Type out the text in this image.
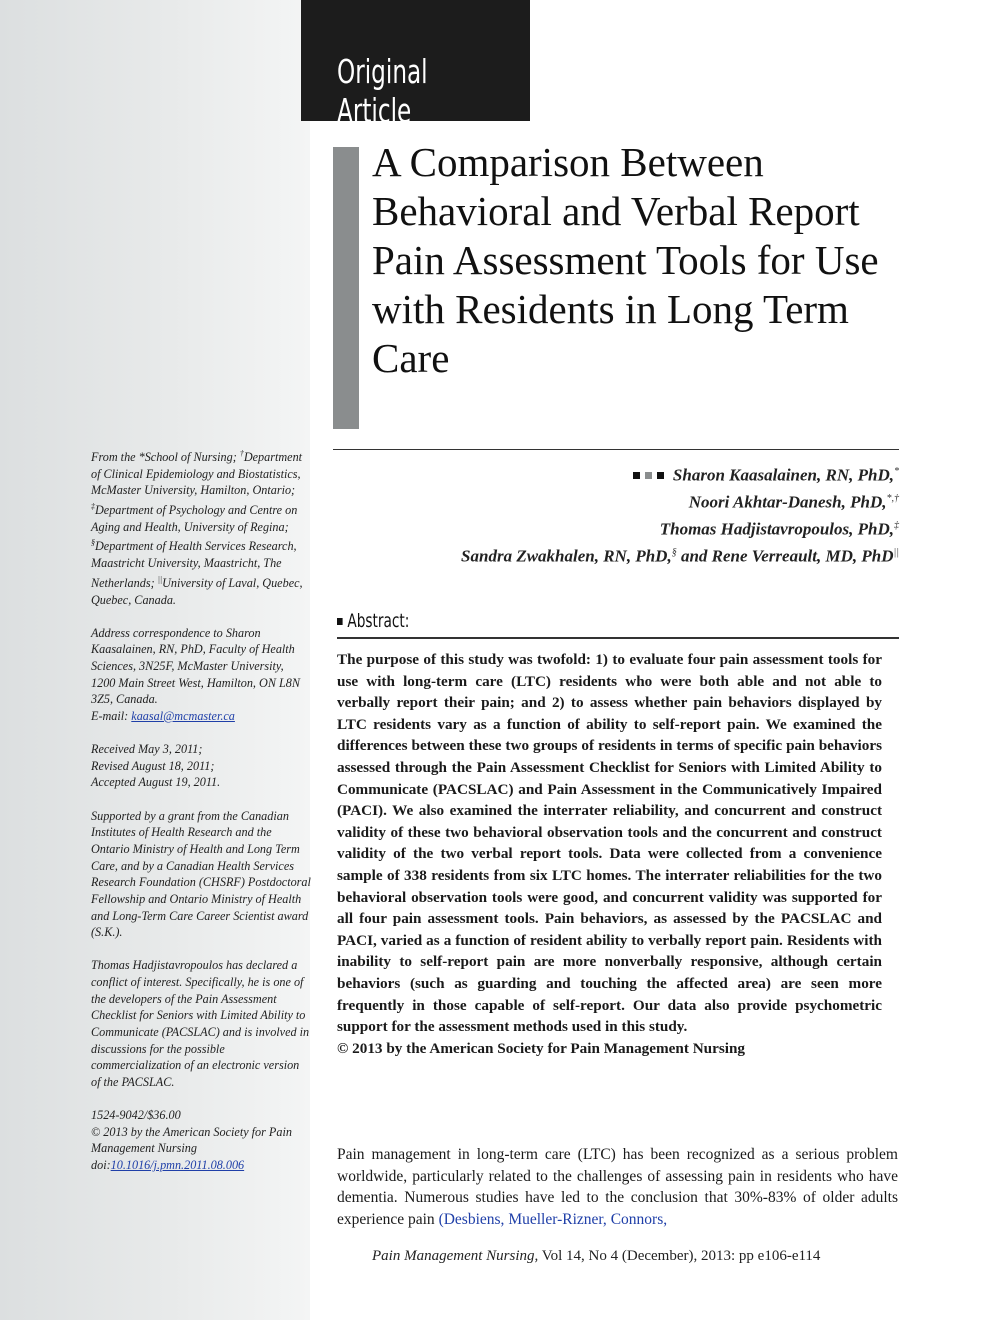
Original Article
A Comparison Between Behavioral and Verbal Report Pain Assessment Tools for Use with Residents in Long Term Care
Sharon Kaasalainen, RN, PhD,*
Noori Akhtar-Danesh, PhD,*,†
Thomas Hadjistavropoulos, PhD,‡
Sandra Zwakhalen, RN, PhD,§ and Rene Verreault, MD, PhD||
Abstract:
The purpose of this study was twofold: 1) to evaluate four pain assessment tools for use with long-term care (LTC) residents who were both able and not able to verbally report their pain; and 2) to assess whether pain behaviors displayed by LTC residents vary as a function of ability to self-report pain. We examined the differences between these two groups of residents in terms of specific pain behaviors assessed through the Pain Assessment Checklist for Seniors with Limited Ability to Communicate (PACSLAC) and Pain Assessment in the Communicatively Impaired (PACI). We also examined the interrater reliability, and concurrent and construct validity of these two behavioral observation tools and the concurrent and construct validity of the two verbal report tools. Data were collected from a convenience sample of 338 residents from six LTC homes. The interrater reliabilities for the two behavioral observation tools were good, and concurrent validity was supported for all four pain assessment tools. Pain behaviors, as assessed by the PACSLAC and PACI, varied as a function of resident ability to verbally report pain. Residents with inability to self-report pain are more nonverbally responsive, although certain behaviors (such as guarding and touching the affected area) are seen more frequently in those capable of self-report. Our data also provide psychometric support for the assessment methods used in this study.
© 2013 by the American Society for Pain Management Nursing
Pain management in long-term care (LTC) has been recognized as a serious problem worldwide, particularly related to the challenges of assessing pain in residents who have dementia. Numerous studies have led to the conclusion that 30%-83% of older adults experience pain (Desbiens, Mueller-Rizner, Connors,

From the *School of Nursing; †Department of Clinical Epidemiology and Biostatistics, McMaster University, Hamilton, Ontario; ‡Department of Psychology and Centre on Aging and Health, University of Regina; §Department of Health Services Research, Maastricht University, Maastricht, The Netherlands; ||University of Laval, Quebec, Quebec, Canada.

Address correspondence to Sharon Kaasalainen, RN, PhD, Faculty of Health Sciences, 3N25F, McMaster University, 1200 Main Street West, Hamilton, ON L8N 3Z5, Canada.
E-mail: kaasal@mcmaster.ca

Received May 3, 2011;
Revised August 18, 2011;
Accepted August 19, 2011.

Supported by a grant from the Canadian Institutes of Health Research and the Ontario Ministry of Health and Long Term Care, and by a Canadian Health Services Research Foundation (CHSRF) Postdoctoral Fellowship and Ontario Ministry of Health and Long-Term Care Career Scientist award (S.K.).

Thomas Hadjistavropoulos has declared a conflict of interest. Specifically, he is one of the developers of the Pain Assessment Checklist for Seniors with Limited Ability to Communicate (PACSLAC) and is involved in discussions for the possible commercialization of an electronic version of the PACSLAC.

1524-9042/$36.00
© 2013 by the American Society for Pain Management Nursing
doi:10.1016/j.pmn.2011.08.006

Pain Management Nursing, Vol 14, No 4 (December), 2013: pp e106-e114
